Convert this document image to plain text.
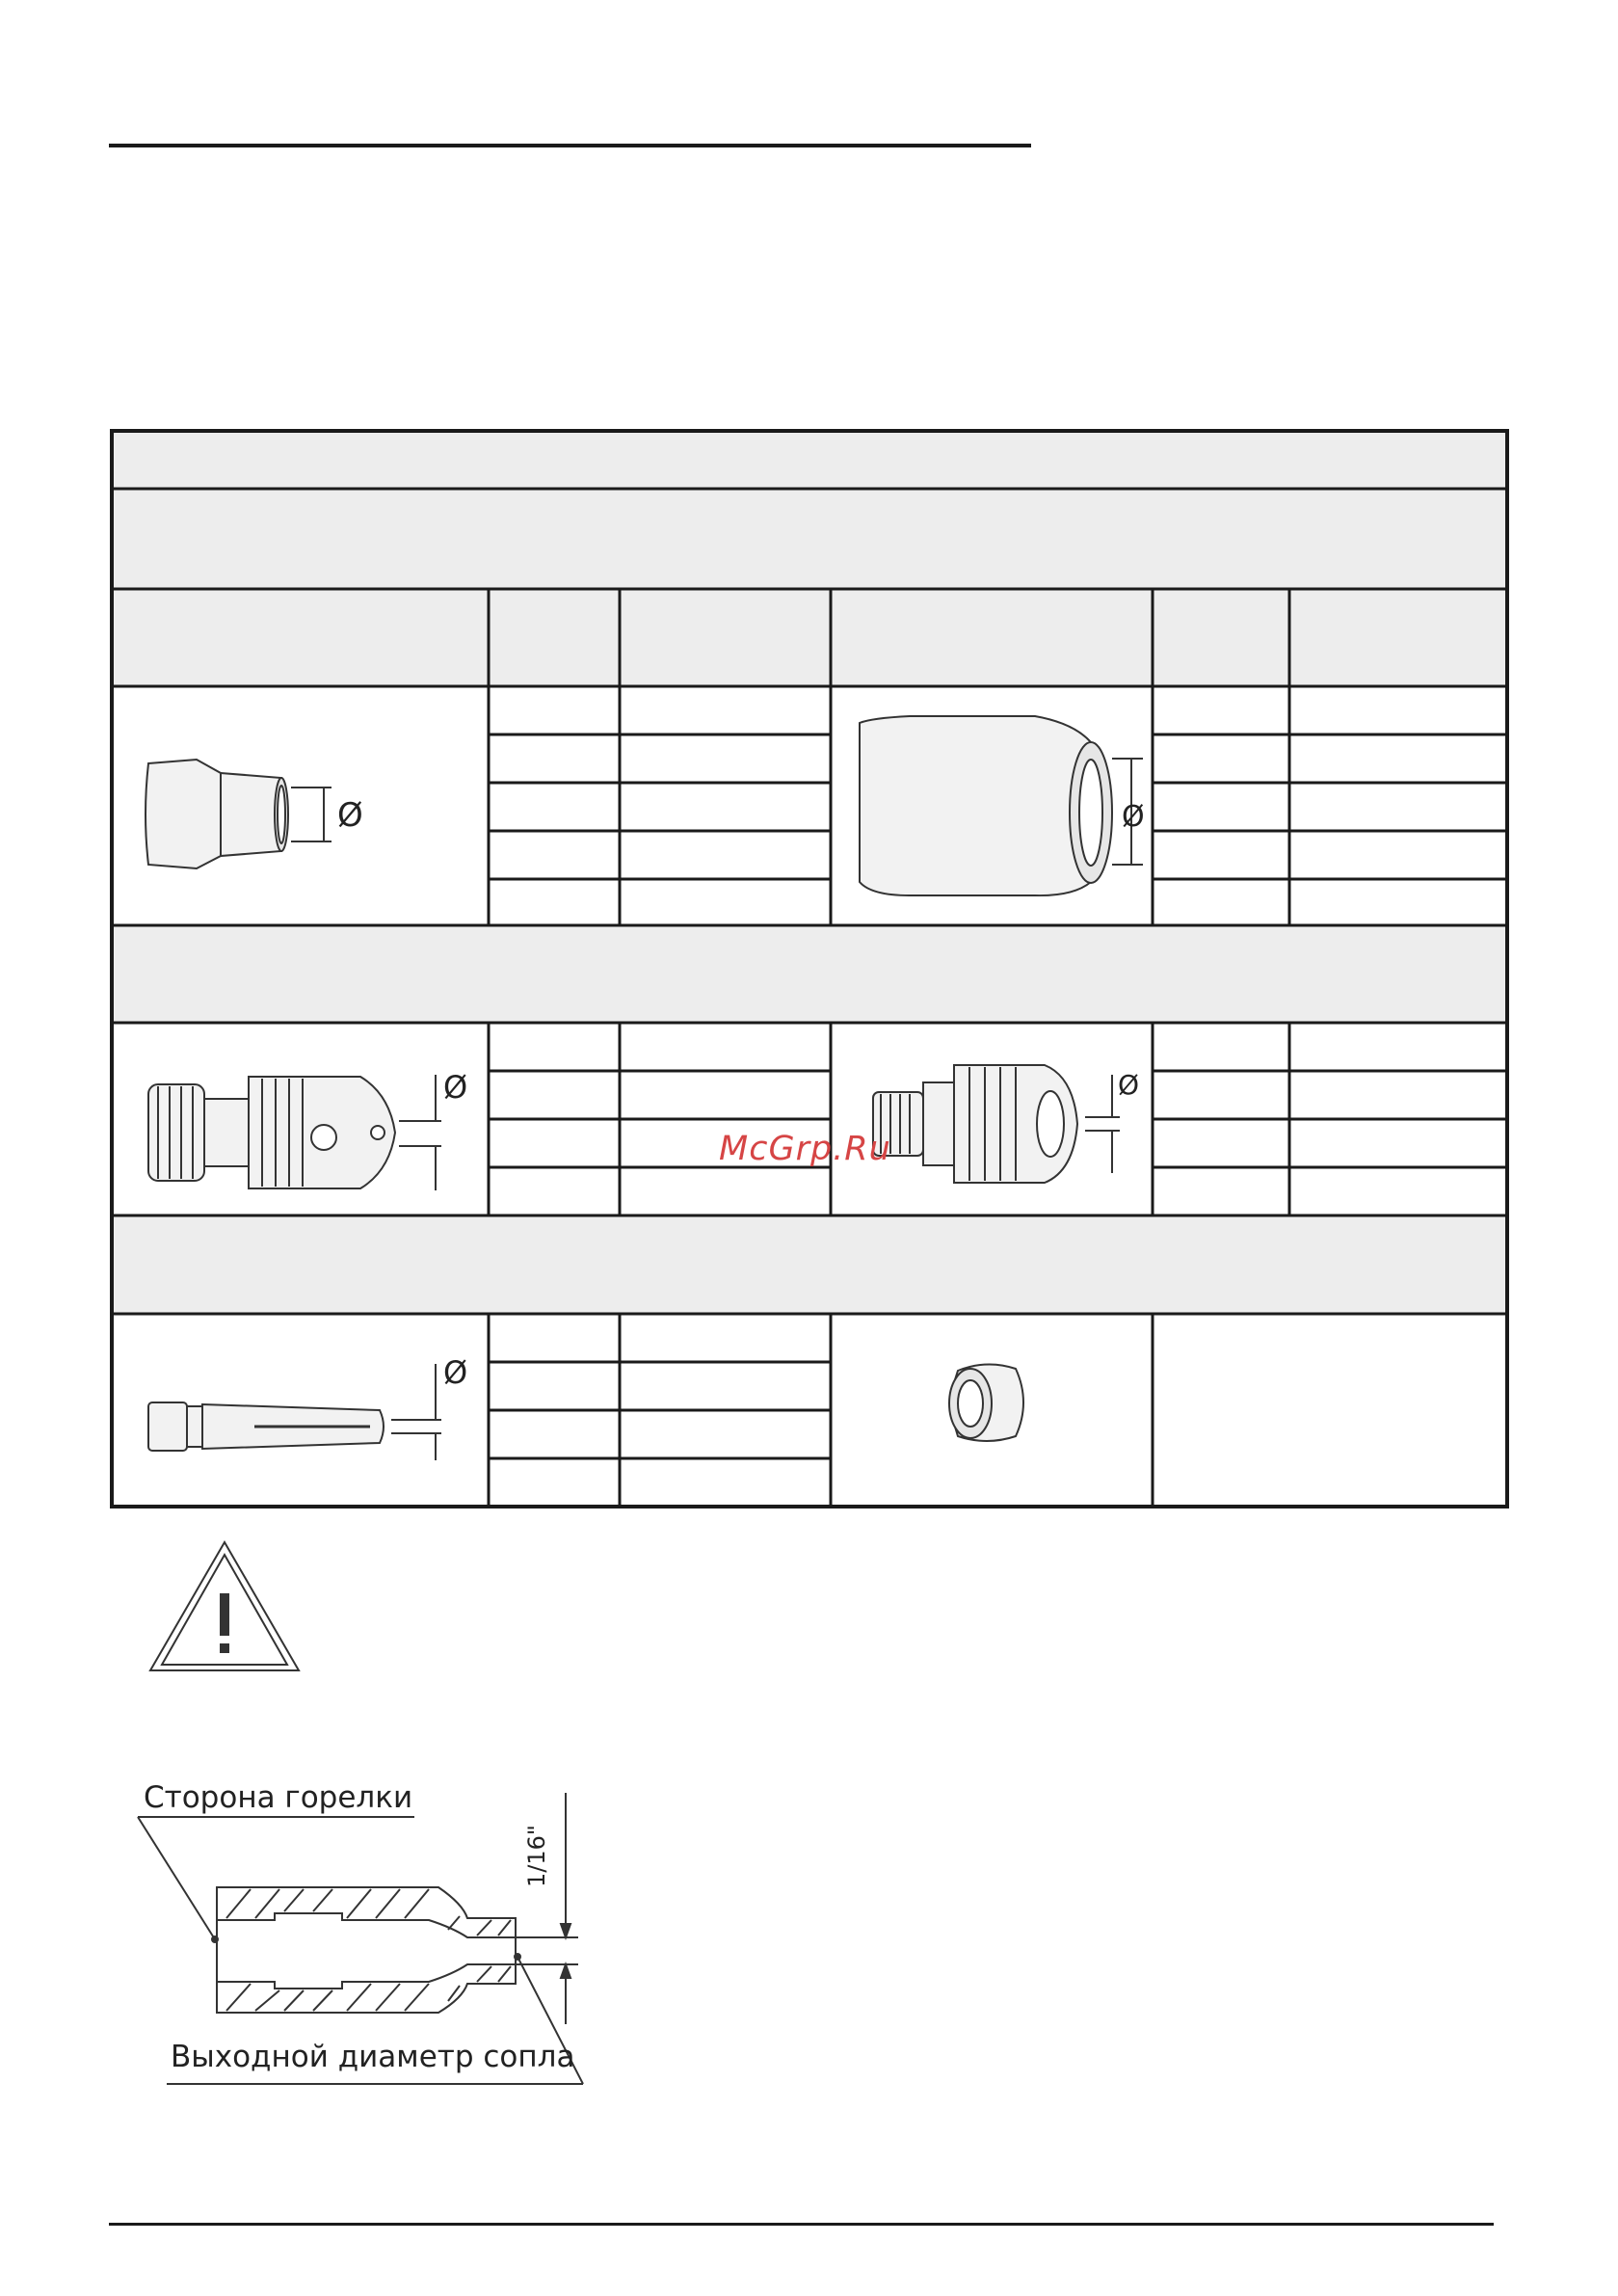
Ø	Ø
Ø	Ø
Ø
McGrp.Ru
Сторона горелки
Выходной диаметр сопла
1/16"
